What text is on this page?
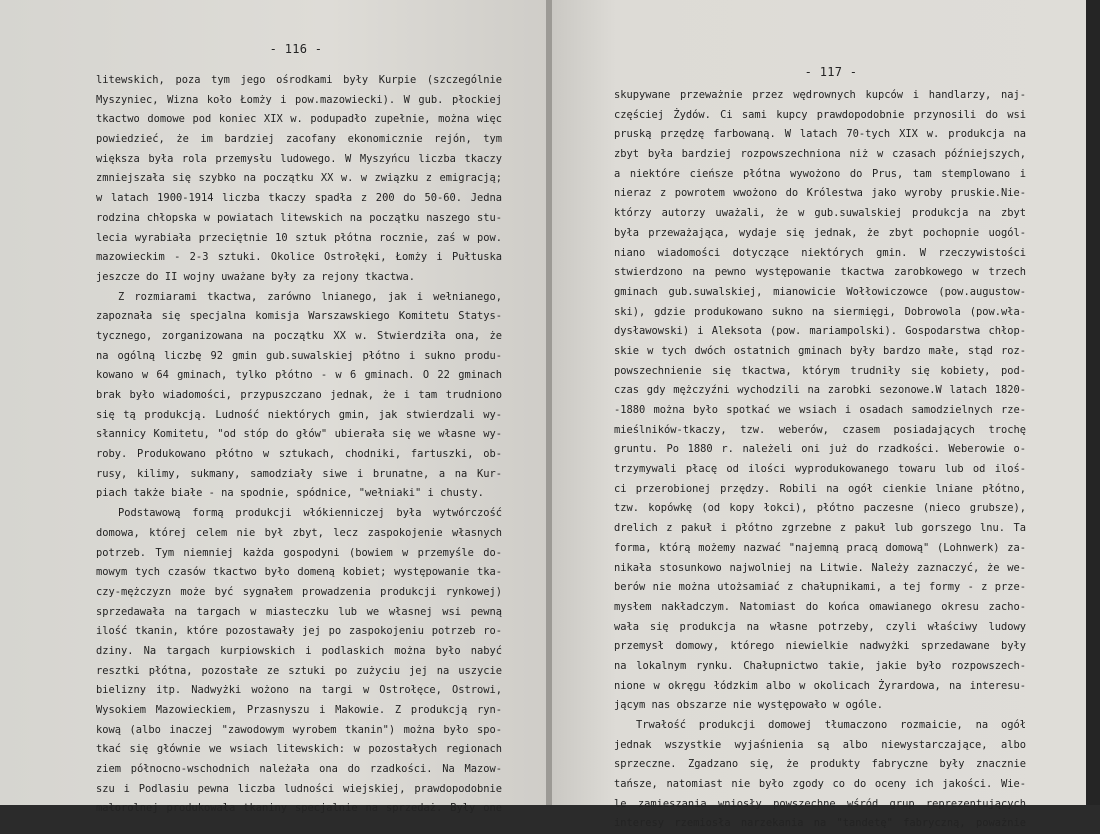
- 116 -
litewskich, poza tym jego ośrodkami były Kurpie (szczególnie
Myszyniec, Wizna koło Łomży i pow.mazowiecki). W gub. płockiej
tkactwo domowe pod koniec XIX w. podupadło zupełnie, można więc
powiedzieć, że im bardziej zacofany ekonomicznie rejón, tym
większa była rola przemysłu ludowego. W Myszyńcu liczba tkaczy
zmniejszała się szybko na początku XX w. w związku z emigracją;
w latach 1900-1914 liczba tkaczy spadła z 200 do 50-60. Jedna
rodzina chłopska w powiatach litewskich na początku naszego stu-
lecia wyrabiała przeciętnie 10 sztuk płótna rocznie, zaś w pow.
mazowieckim - 2-3 sztuki. Okolice Ostrołęki, Łomży i Pułtuska
jeszcze do II wojny uważane były za rejony tkactwa.
Z rozmiarami tkactwa, zarówno lnianego, jak i wełnianego,
zapoznała się specjalna komisja Warszawskiego Komitetu Statys-
tycznego, zorganizowana na początku XX w. Stwierdziła ona, że
na ogólną liczbę 92 gmin gub.suwalskiej płótno i sukno produ-
kowano w 64 gminach, tylko płótno - w 6 gminach. O 22 gminach
brak było wiadomości, przypuszczano jednak, że i tam trudniono
się tą produkcją. Ludność niektórych gmin, jak stwierdzali wy-
słannicy Komitetu, "od stóp do głów" ubierała się we własne wy-
roby. Produkowano płótno w sztukach, chodniki, fartuszki, ob-
rusy, kilimy, sukmany, samodziały siwe i brunatne, a na Kur-
piach także białe - na spodnie, spódnice, "wełniaki" i chusty.
Podstawową formą produkcji włókienniczej była wytwórczość
domowa, której celem nie był zbyt, lecz zaspokojenie własnych
potrzeb. Tym niemniej każda gospodyni (bowiem w przemyśle do-
mowym tych czasów tkactwo było domeną kobiet; występowanie tka-
czy-mężczyzn może być sygnałem prowadzenia produkcji rynkowej)
sprzedawała na targach w miasteczku lub we własnej wsi pewną
ilość tkanin, które pozostawały jej po zaspokojeniu potrzeb ro-
dziny. Na targach kurpiowskich i podlaskich można było nabyć
resztki płótna, pozostałe ze sztuki po zużyciu jej na uszycie
bielizny itp. Nadwyżki wożono na targi w Ostrołęce, Ostrowi,
Wysokiem Mazowieckiem, Przasnyszu i Makowie. Z produkcją ryn-
kową (albo inaczej "zawodowym wyrobem tkanin") można było spo-
tkać się głównie we wsiach litewskich: w pozostałych regionach
ziem północno-wschodnich należała ona do rzadkości. Na Mazow-
szu i Podlasiu pewna liczba ludności wiejskiej, prawdopodobnie
małorolnej produkowała tkaniny specjalnie na sprzedaż. Były one
- 117 -
skupywane przeważnie przez wędrownych kupców i handlarzy, naj-
częściej Żydów. Ci sami kupcy prawdopodobnie przynosili do wsi
pruską przędzę farbowaną. W latach 70-tych XIX w. produkcja na
zbyt była bardziej rozpowszechniona niż w czasach późniejszych,
a niektóre cieńsze płótna wywożono do Prus, tam stemplowano i
nieraz z powrotem wwożono do Królestwa jako wyroby pruskie.Nie-
którzy autorzy uważali, że w gub.suwalskiej produkcja na zbyt
była przeważająca, wydaje się jednak, że zbyt pochopnie uogól-
niano wiadomości dotyczące niektórych gmin. W rzeczywistości
stwierdzono na pewno występowanie tkactwa zarobkowego w trzech
gminach gub.suwalskiej, mianowicie Wołłowiczowce (pow.augustow-
ski), gdzie produkowano sukno na siermięgi, Dobrowola (pow.wła-
dysławowski) i Aleksota (pow. mariampolski). Gospodarstwa chłop-
skie w tych dwóch ostatnich gminach były bardzo małe, stąd roz-
powszechnienie się tkactwa, którym trudniły się kobiety, pod-
czas gdy mężczyźni wychodzili na zarobki sezonowe.W latach 1820-
-1880 można było spotkać we wsiach i osadach samodzielnych rze-
mieślników-tkaczy, tzw. weberów, czasem posiadających trochę
gruntu. Po 1880 r. należeli oni już do rzadkości. Weberowie o-
trzymywali płacę od ilości wyprodukowanego towaru lub od iloś-
ci przerobionej przędzy. Robili na ogół cienkie lniane płótno,
tzw. kopówkę (od kopy łokci), płótno paczesne (nieco grubsze),
drelich z pakuł i płótno zgrzebne z pakuł lub gorszego lnu. Ta
forma, którą możemy nazwać "najemną pracą domową" (Lohnwerk) za-
nikała stosunkowo najwolniej na Litwie. Należy zaznaczyć, że we-
berów nie można utożsamiać z chałupnikami, a tej formy - z prze-
mysłem nakładczym. Natomiast do końca omawianego okresu zacho-
wała się produkcja na własne potrzeby, czyli właściwy ludowy
przemysł domowy, którego niewielkie nadwyżki sprzedawane były
na lokalnym rynku. Chałupnictwo takie, jakie było rozpowszech-
nione w okręgu łódzkim albo w okolicach Żyrardowa, na interesu-
jącym nas obszarze nie występowało w ogóle.
Trwałość produkcji domowej tłumaczono rozmaicie, na ogół
jednak wszystkie wyjaśnienia są albo niewystarczające, albo
sprzeczne. Zgadzano się, że produkty fabryczne były znacznie
tańsze, natomiast nie było zgody co do oceny ich jakości. Wie-
le zamieszania wniosły powszechne wśród grup reprezentujących
interesy rzemiosła narzekania na "tandetę" fabryczną, poważnie
